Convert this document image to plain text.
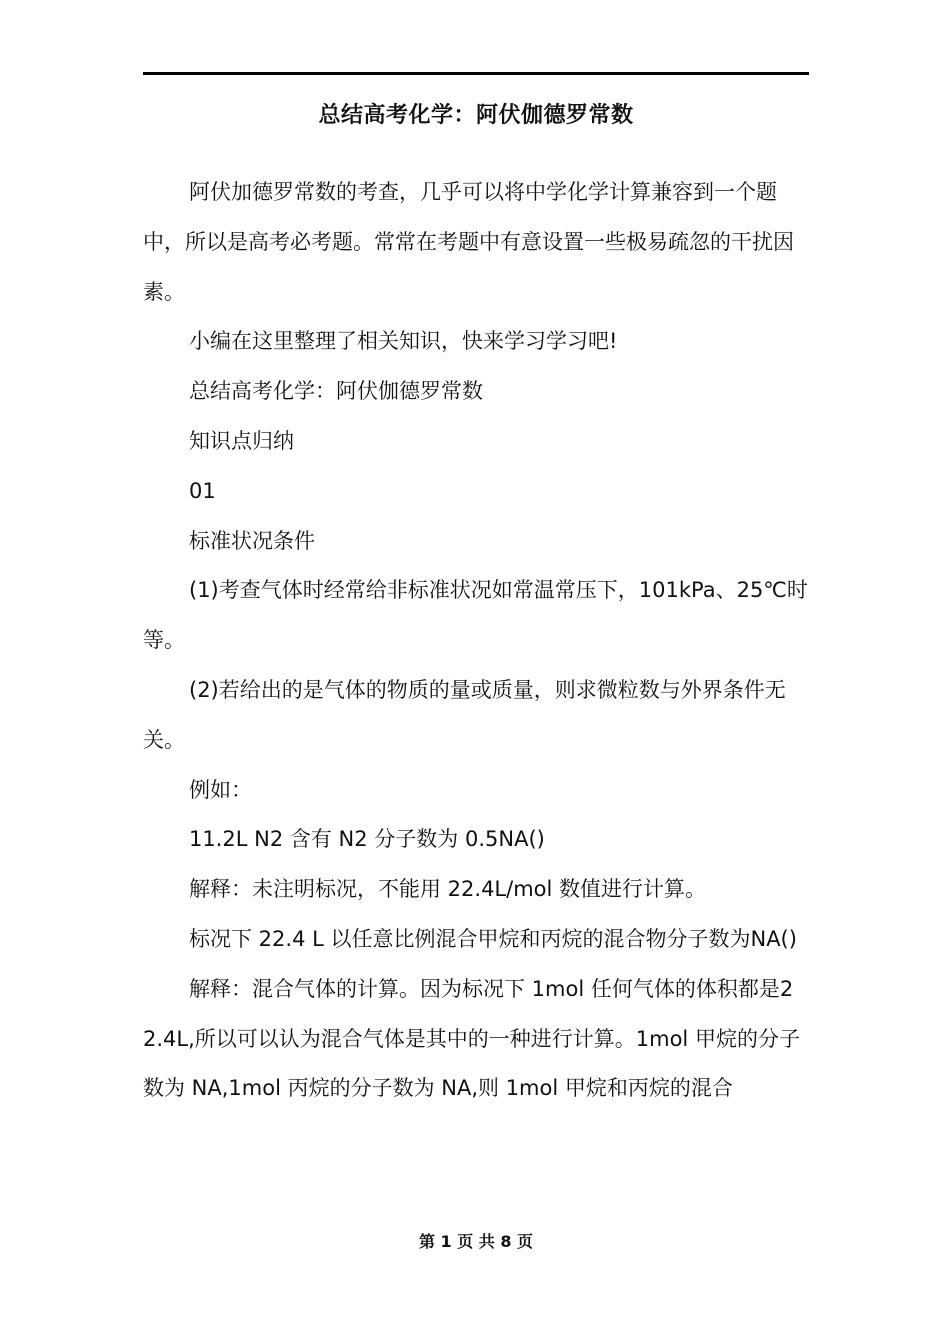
总结高考化学：阿伏伽德罗常数

阿伏加德罗常数的考查，几乎可以将中学化学计算兼容到一个题中，所以是高考必考题。常常在考题中有意设置一些极易疏忽的干扰因素。

小编在这里整理了相关知识，快来学习学习吧!

总结高考化学：阿伏伽德罗常数

知识点归纳

01

标准状况条件

(1)考查气体时经常给非标准状况如常温常压下，101kPa、25℃时等。

(2)若给出的是气体的物质的量或质量，则求微粒数与外界条件无关。

例如：

11.2L N2 含有 N2 分子数为 0.5NA()

解释：未注明标况，不能用 22.4L/mol 数值进行计算。

标况下 22.4 L 以任意比例混合甲烷和丙烷的混合物分子数为NA()

解释：混合气体的计算。因为标况下 1mol 任何气体的体积都是22.4L,所以可以认为混合气体是其中的一种进行计算。1mol 甲烷的分子数为 NA,1mol 丙烷的分子数为 NA,则 1mol 甲烷和丙烷的混合

第 1 页 共 8 页
